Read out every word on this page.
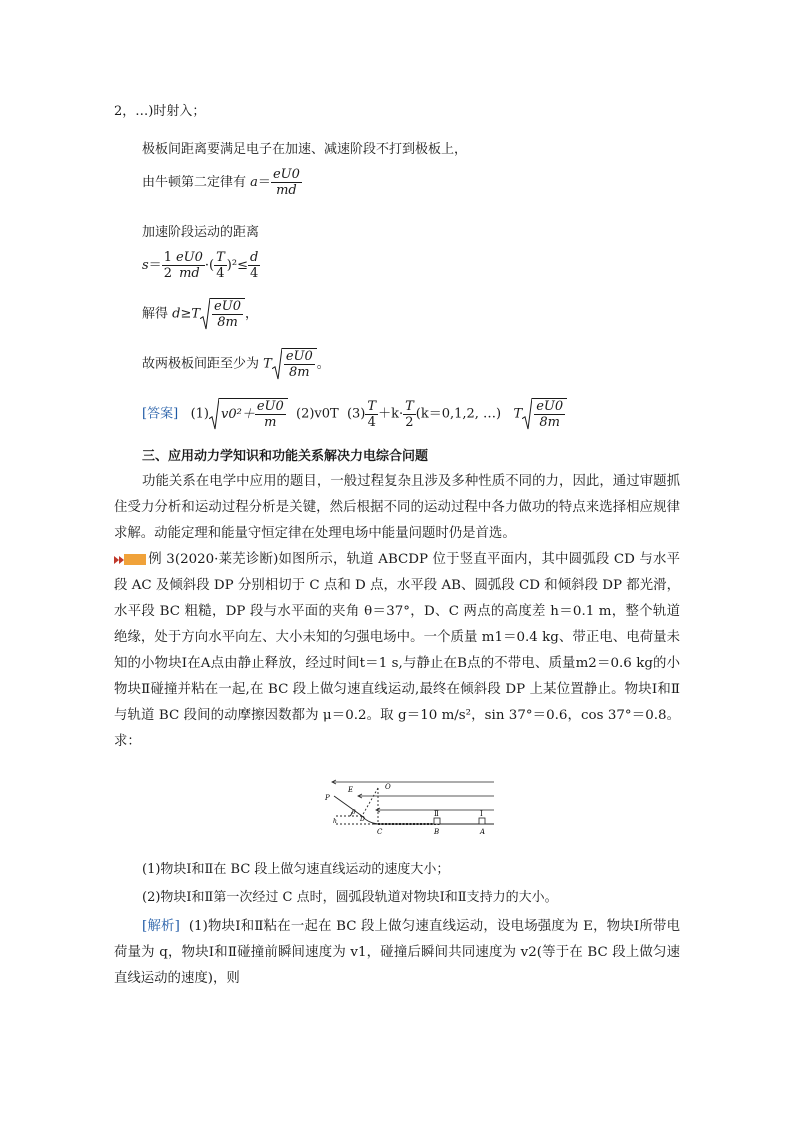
2，…)时射入；
极板间距离要满足电子在加速、减速阶段不打到极板上，
由牛顿第二定律有 $a= \frac{eU0}{md}$
加速阶段运动的距离
$s= \frac{1}{2} \frac{eU0}{md}$ ·( $\frac{T}{4} )^2\le \frac{d}{4}$
解得 $d\ge T \frac{eU0}{8m}$ ，
故两极板间距至少为 T $\frac{eU0}{8m}$ 。
[答案] (1) $v0^2+ \frac{eU0}{m} (2)v0T$ $(3) \frac{T}{4} +k\cdot \frac{T}{2} (k=0,1,2$, …) T $\frac{eU0}{8m}$
三、应用动力学知识和功能关系解决力电综合问题
功能关系在电学中应用的题目，一般过程复杂且涉及多种性质不同的力，因此，通过审题抓住受力分析和运动过程分析是关键，然后根据不同的运动过程中各力做功的特点来选择相应规律求解。动能定理和能量守恒定律在处理电场中能量问题时仍是首选。
例 3(2020·莱芜诊断)如图所示，轨道 ABCDP 位于竖直平面内，其中圆弧段 CD 与水平段 AC 及倾斜段 DP 分别相切于 C 点和 D 点，水平段 AB、圆弧段 CD 和倾斜段 DP 都光滑，水平段 BC 粗糙，DP 段与水平面的夹角 θ＝37°，D、C 两点的高度差 h＝0.1 m，整个轨道绝缘，处于方向水平向左、大小未知的匀强电场中。一个质量 m1＝0.4 kg、带正电、电荷量未知的小物块Ⅰ在A点由静止释放，经过时间t＝1 s,与静止在B点的不带电、质量m2＝0.6 kg的小物块Ⅱ碰撞并粘在一起,在 BC 段上做匀速直线运动,最终在倾斜段 DP 上某位置静止。物块Ⅰ和Ⅱ与轨道 BC 段间的动摩擦因数都为 μ＝0.2。取 g＝10 m/s²，sin 37°＝0.6，cos 37°＝0.8。求：
P
E	O
θ
D
h
C	B	A
Ⅱ	Ⅰ
(1)物块Ⅰ和Ⅱ在 BC 段上做匀速直线运动的速度大小；
(2)物块Ⅰ和Ⅱ第一次经过 C 点时，圆弧段轨道对物块Ⅰ和Ⅱ支持力的大小。
[解析] (1)物块Ⅰ和Ⅱ粘在一起在 BC 段上做匀速直线运动，设电场强度为 E，物块Ⅰ所带电荷量为 q，物块Ⅰ和Ⅱ碰撞前瞬间速度为 v1，碰撞后瞬间共同速度为 v2(等于在 BC 段上做匀速直线运动的速度)，则
